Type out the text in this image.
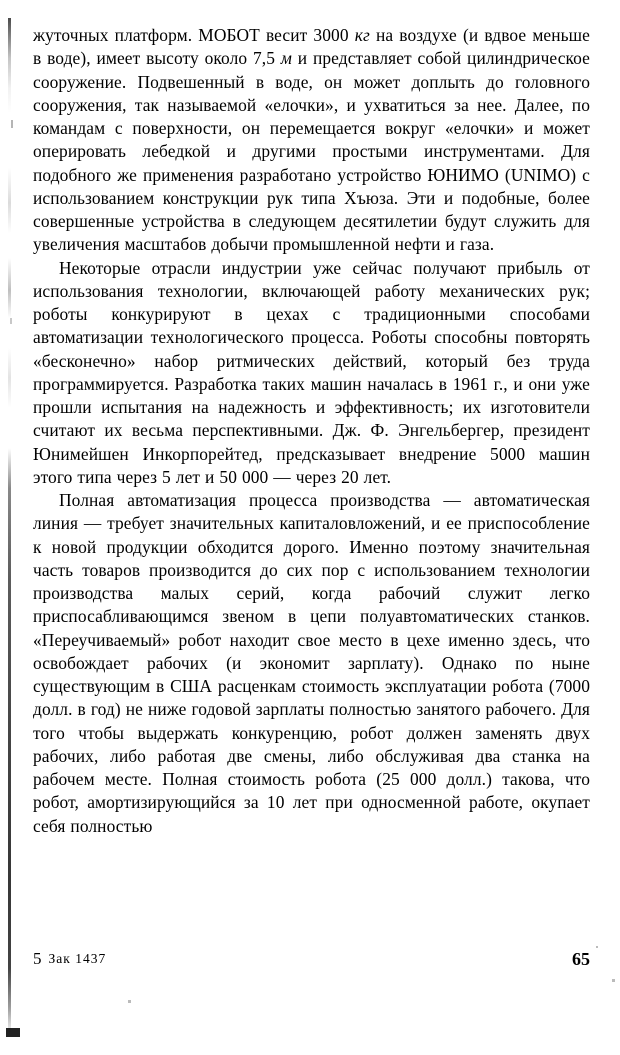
жуточных платформ. МОБОТ весит 3000 кг на воздухе (и вдвое меньше в воде), имеет высоту около 7,5 м и представляет собой цилиндрическое сооружение. Подвешенный в воде, он может доплыть до головного сооружения, так называемой «елочки», и ухватиться за нее. Далее, по командам с поверхности, он перемещается вокруг «елочки» и может оперировать лебедкой и другими простыми инструментами. Для подобного же применения разработано устройство ЮНИМО (UNIMO) с использованием конструкции рук типа Хъюза. Эти и подобные, более совершенные устройства в следующем десятилетии будут служить для увеличения масштабов добычи промышленной нефти и газа.

Некоторые отрасли индустрии уже сейчас получают прибыль от использования технологии, включающей работу механических рук; роботы конкурируют в цехах с традиционными способами автоматизации технологического процесса. Роботы способны повторять «бесконечно» набор ритмических действий, который без труда программируется. Разработка таких машин началась в 1961 г., и они уже прошли испытания на надежность и эффективность; их изготовители считают их весьма перспективными. Дж. Ф. Энгельбергер, президент Юнимейшен Инкорпорейтед, предсказывает внедрение 5000 машин этого типа через 5 лет и 50 000 — через 20 лет.

Полная автоматизация процесса производства — автоматическая линия — требует значительных капиталовложений, и ее приспособление к новой продукции обходится дорого. Именно поэтому значительная часть товаров производится до сих пор с использованием технологии производства малых серий, когда рабочий служит легко приспосабливающимся звеном в цепи полуавтоматических станков. «Переучиваемый» робот находит свое место в цехе именно здесь, что освобождает рабочих (и экономит зарплату). Однако по ныне существующим в США расценкам стоимость эксплуатации робота (7000 долл. в год) не ниже годовой зарплаты полностью занятого рабочего. Для того чтобы выдержать конкуренцию, робот должен заменять двух рабочих, либо работая две смены, либо обслуживая два станка на рабочем месте. Полная стоимость робота (25 000 долл.) такова, что робот, амортизирующийся за 10 лет при односменной работе, окупает себя полностью

5 Зак 1437	65
